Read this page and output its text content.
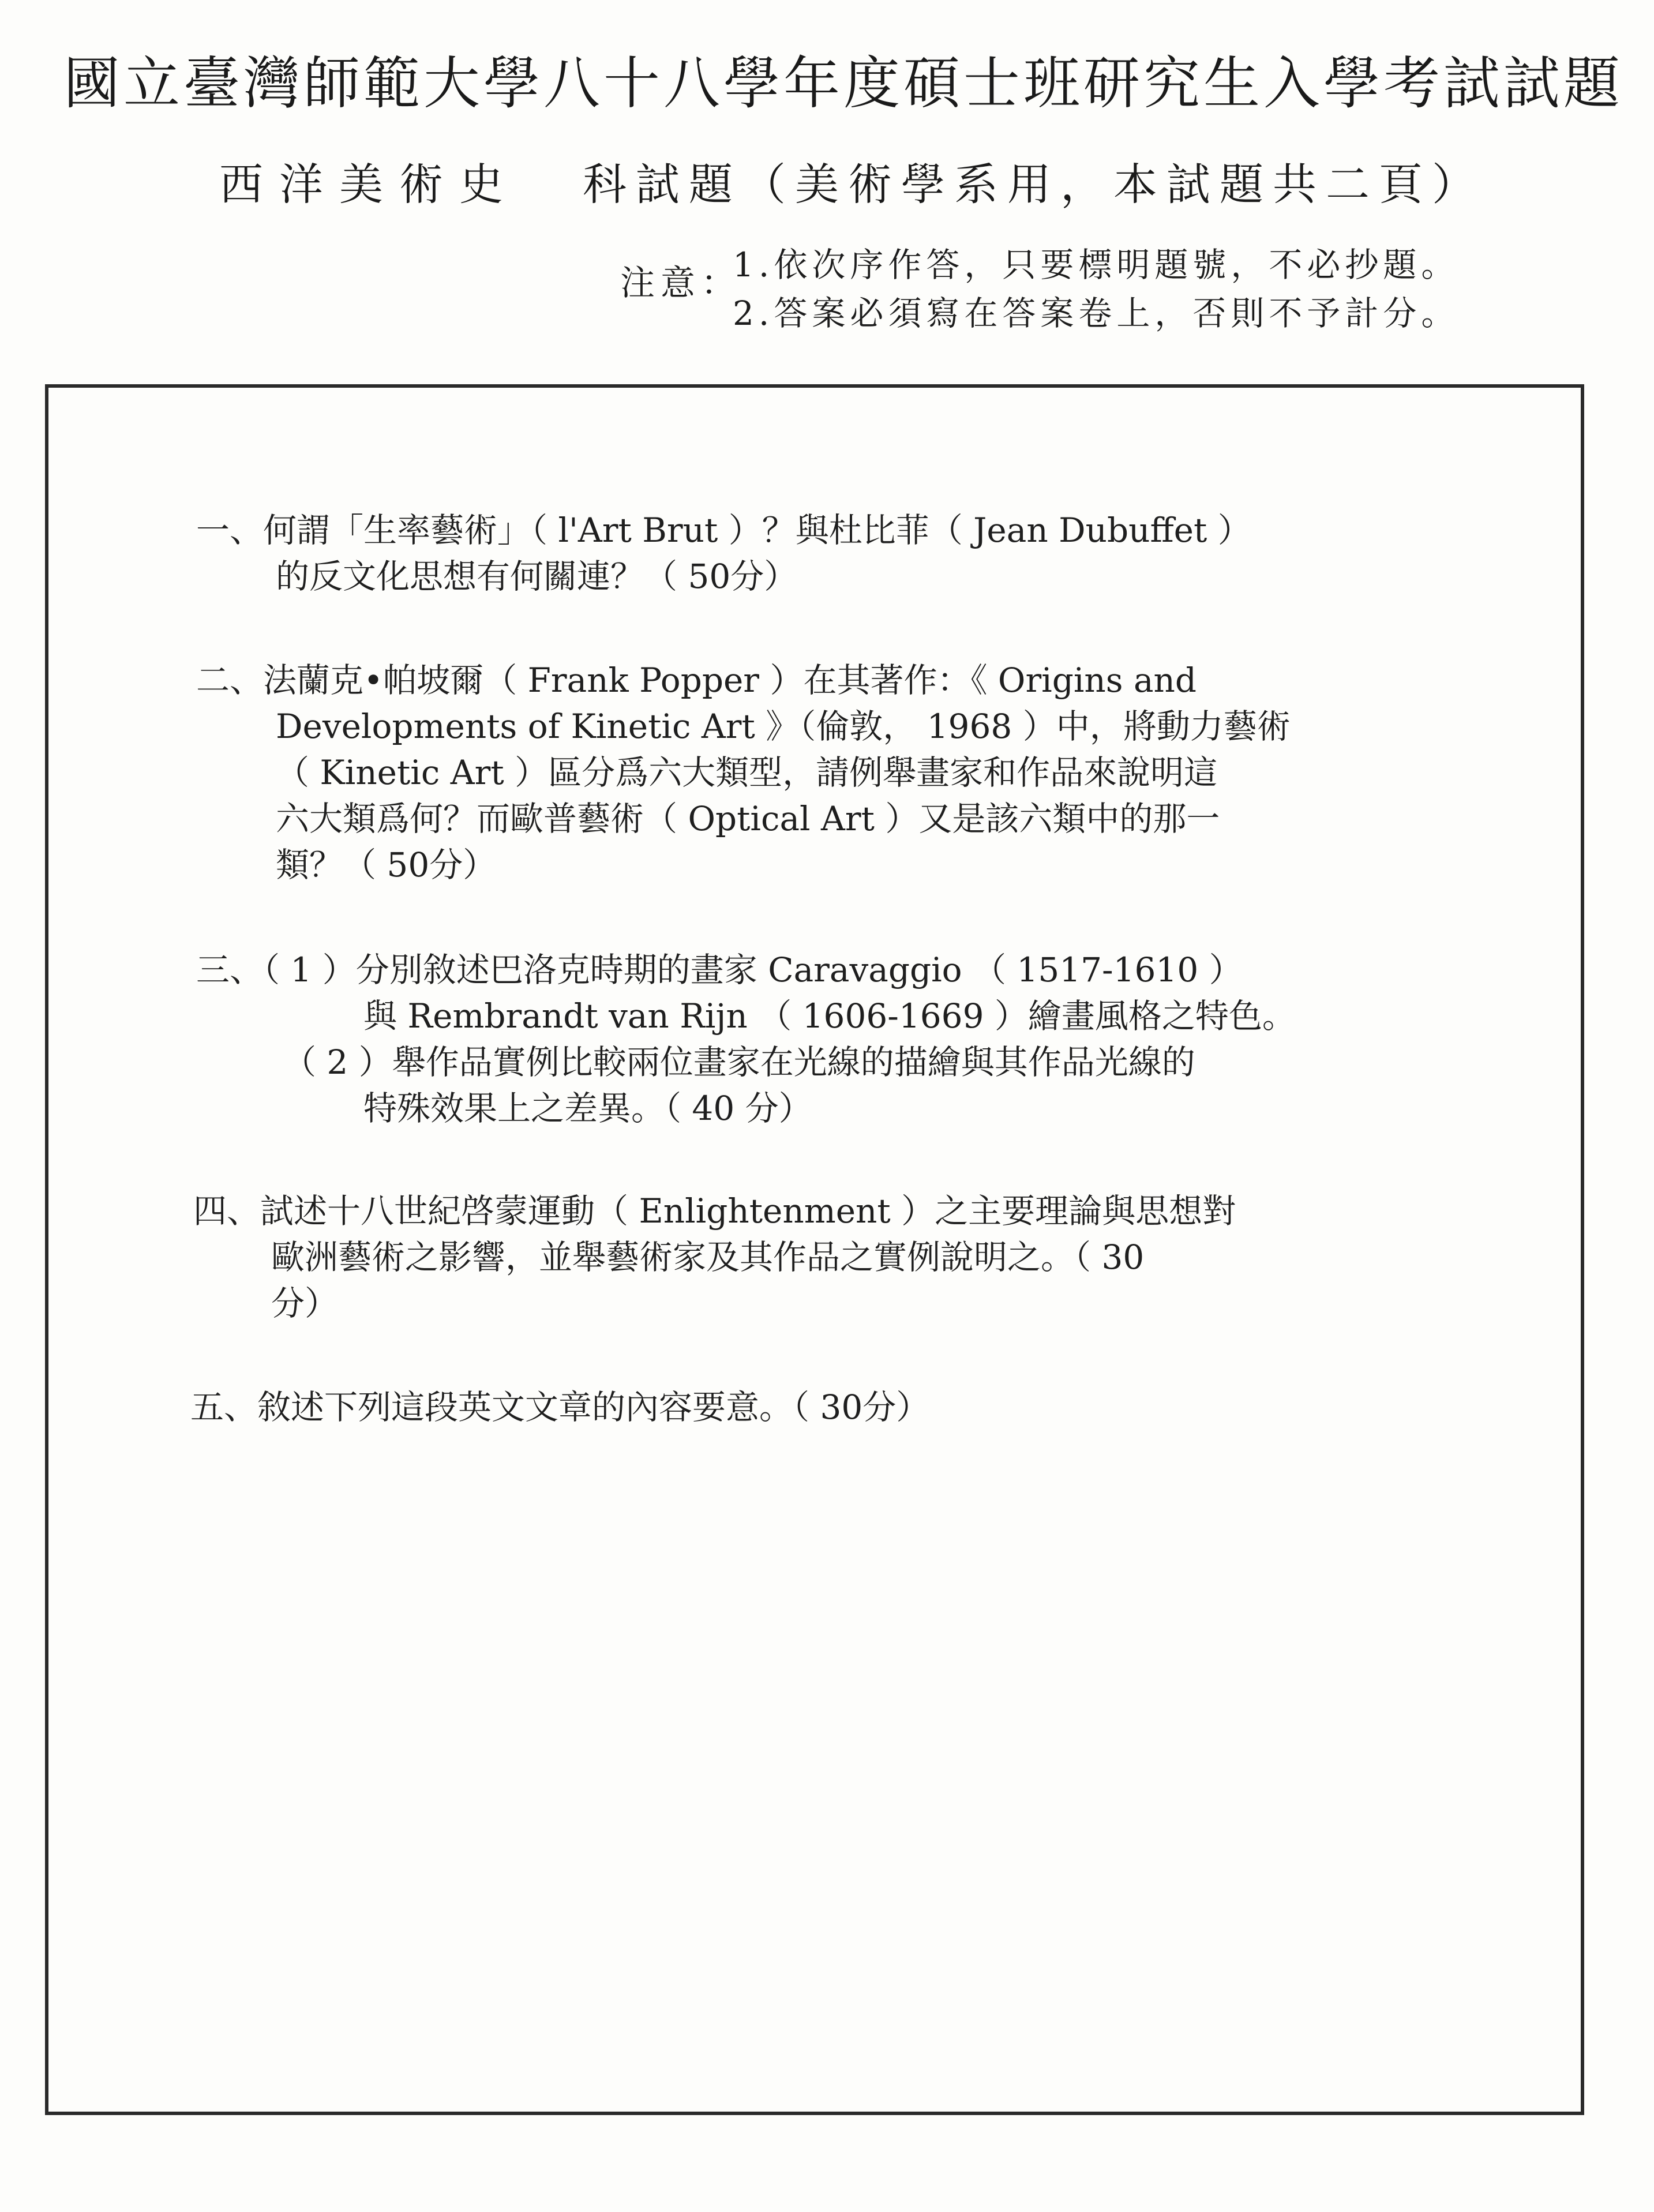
國立臺灣師範大學八十八學年度碩士班研究生入學考試試題
西洋美術史 科試題（美術學系用，本試題共二頁）
注意：
1.依次序作答，只要標明題號，不必抄題。
2.答案必須寫在答案卷上，否則不予計分。
一、何謂「生率藝術」（ l'Art Brut ）？與杜比菲（ Jean Dubuffet ）
的反文化思想有何關連？（ 50分）
二、法蘭克•帕坡爾（ Frank Popper ）在其著作：《 Origins and
Developments of Kinetic Art 》（倫敦， 1968 ）中，將動力藝術
（ Kinetic Art ）區分爲六大類型，請例舉畫家和作品來說明這
六大類爲何？而歐普藝術（ Optical Art ）又是該六類中的那一
類？（ 50分）
三、（ 1 ）分別敘述巴洛克時期的畫家 Caravaggio （ 1517-1610 ）
與 Rembrandt van Rijn （ 1606-1669 ）繪畫風格之特色。
（ 2 ）舉作品實例比較兩位畫家在光線的描繪與其作品光線的
特殊效果上之差異。（ 40 分）
四、試述十八世紀啓蒙運動（ Enlightenment ）之主要理論與思想對
歐洲藝術之影響，並舉藝術家及其作品之實例說明之。（ 30
分）
五、敘述下列這段英文文章的內容要意。（ 30分）
